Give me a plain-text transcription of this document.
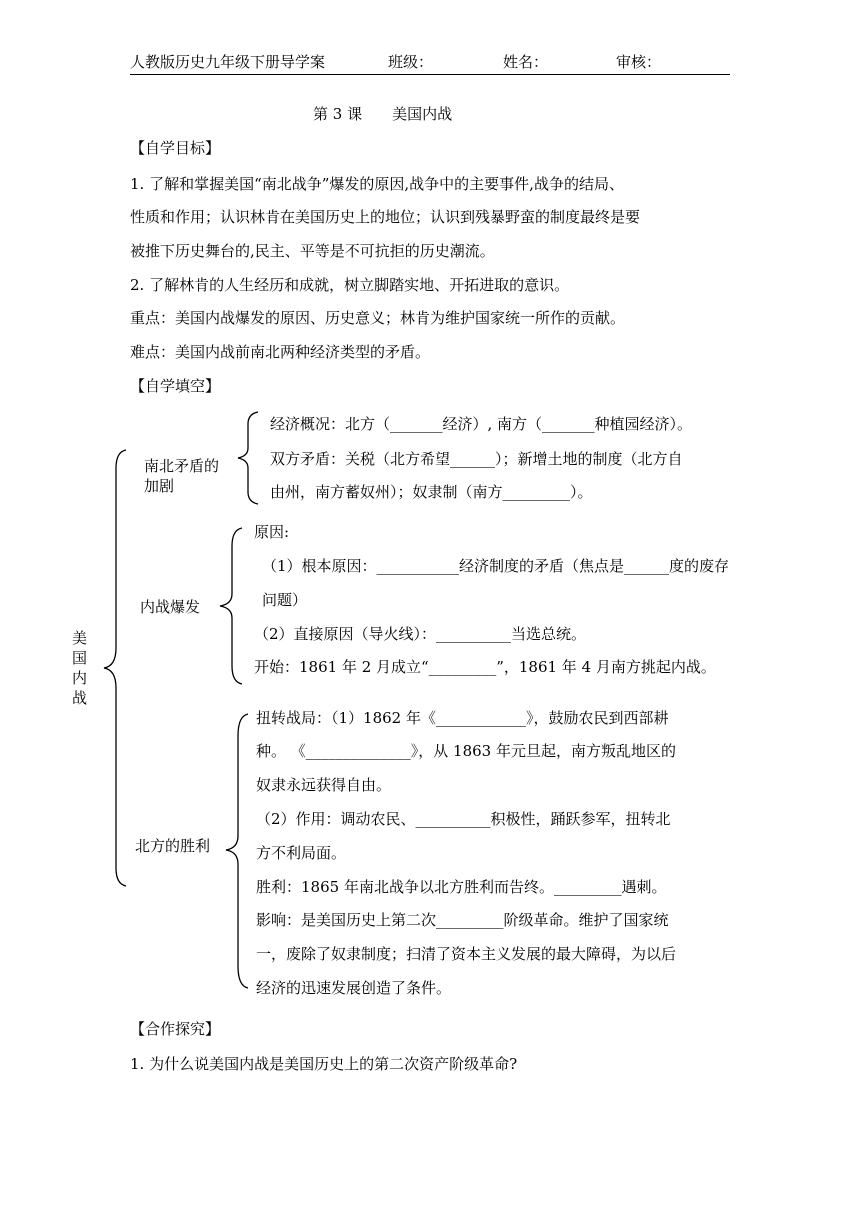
人教版历史九年级下册导学案	班级：	姓名：	审核：
第 3 课　　美国内战
【自学目标】
1. 了解和掌握美国“南北战争”爆发的原因,战争中的主要事件,战争的结局、
性质和作用；认识林肯在美国历史上的地位；认识到残暴野蛮的制度最终是要
被推下历史舞台的,民主、平等是不可抗拒的历史潮流。
2. 了解林肯的人生经历和成就，树立脚踏实地、开拓进取的意识。
重点：美国内战爆发的原因、历史意义；林肯为维护国家统一所作的贡献。
难点：美国内战前南北两种经济类型的矛盾。
【自学填空】
美
国
内
战
南北矛盾的
加剧
经济概况：北方（_______经济）, 南方（_______种植园经济）。
双方矛盾：关税（北方希望______）；新增土地的制度（北方自
由州，南方蓄奴州）；奴隶制（南方_________）。
内战爆发
原因:
（1）根本原因：___________经济制度的矛盾（焦点是______度的废存
问题）
（2）直接原因（导火线）：__________当选总统。
开始：1861 年 2 月成立“_________”，1861 年 4 月南方挑起内战。
北方的胜利
扭转战局：（1）1862 年《____________》，鼓励农民到西部耕
种。 《______________》，从 1863 年元旦起，南方叛乱地区的
奴隶永远获得自由。
（2）作用：调动农民、__________积极性，踊跃参军，扭转北
方不利局面。
胜利：1865 年南北战争以北方胜利而告终。_________遇刺。
影响：是美国历史上第二次_________阶级革命。维护了国家统
一，废除了奴隶制度；扫清了资本主义发展的最大障碍，为以后
经济的迅速发展创造了条件。
【合作探究】
1. 为什么说美国内战是美国历史上的第二次资产阶级革命?
